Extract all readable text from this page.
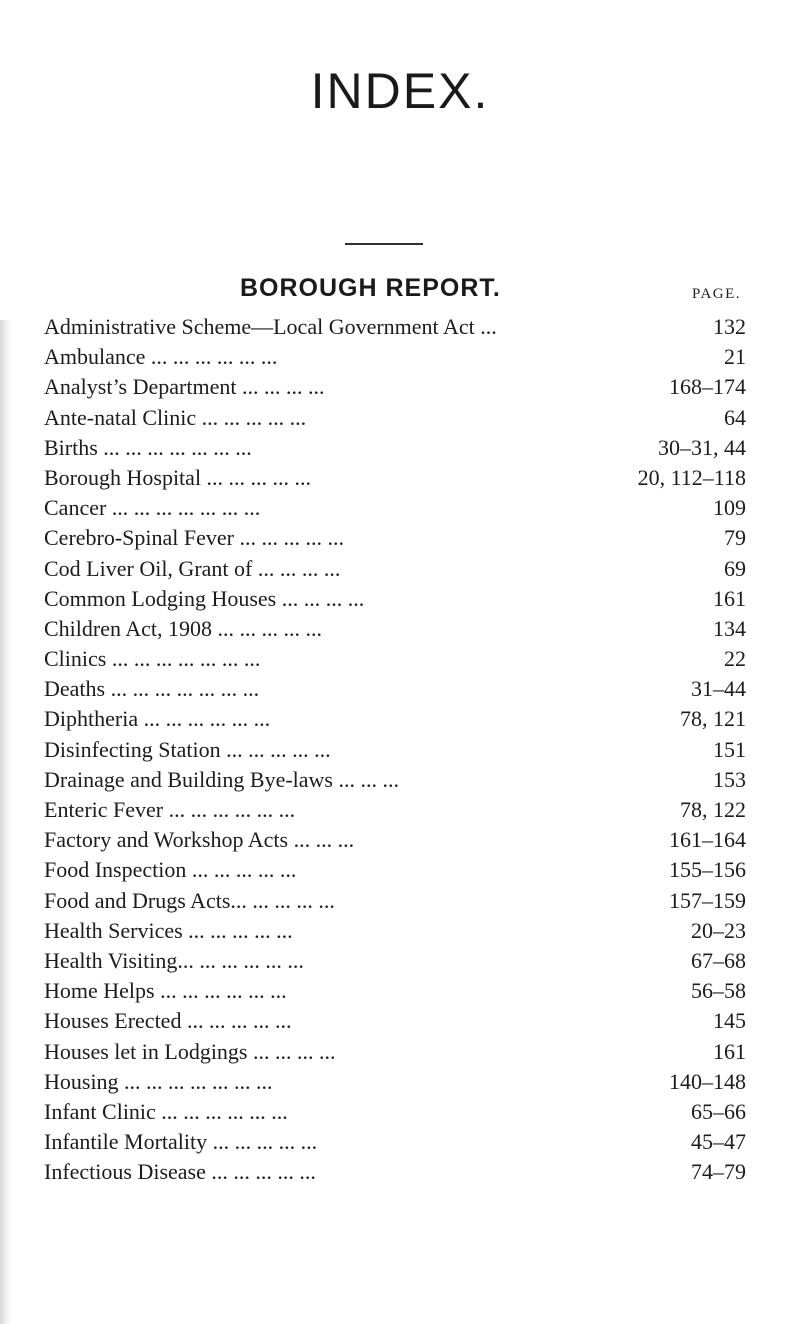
INDEX.
BOROUGH REPORT.	PAGE.
Administrative Scheme—Local Government Act ...	132
Ambulance ... ... ... ... ... ...	21
Analyst’s Department ... ... ... ...	168–174
Ante-natal Clinic ... ... ... ... ...	64
Births ... ... ... ... ... ... ...	30–31, 44
Borough Hospital ... ... ... ... ...	20, 112–118
Cancer ... ... ... ... ... ... ...	109
Cerebro-Spinal Fever ... ... ... ... ...	79
Cod Liver Oil, Grant of ... ... ... ...	69
Common Lodging Houses ... ... ... ...	161
Children Act, 1908 ... ... ... ... ...	134
Clinics ... ... ... ... ... ... ...	22
Deaths ... ... ... ... ... ... ...	31–44
Diphtheria ... ... ... ... ... ...	78, 121
Disinfecting Station ... ... ... ... ...	151
Drainage and Building Bye-laws ... ... ...	153
Enteric Fever ... ... ... ... ... ...	78, 122
Factory and Workshop Acts ... ... ...	161–164
Food Inspection ... ... ... ... ...	155–156
Food and Drugs Acts... ... ... ... ...	157–159
Health Services ... ... ... ... ...	20–23
Health Visiting... ... ... ... ... ...	67–68
Home Helps ... ... ... ... ... ...	56–58
Houses Erected ... ... ... ... ...	145
Houses let in Lodgings ... ... ... ...	161
Housing ... ... ... ... ... ... ...	140–148
Infant Clinic ... ... ... ... ... ...	65–66
Infantile Mortality ... ... ... ... ...	45–47
Infectious Disease ... ... ... ... ...	74–79
